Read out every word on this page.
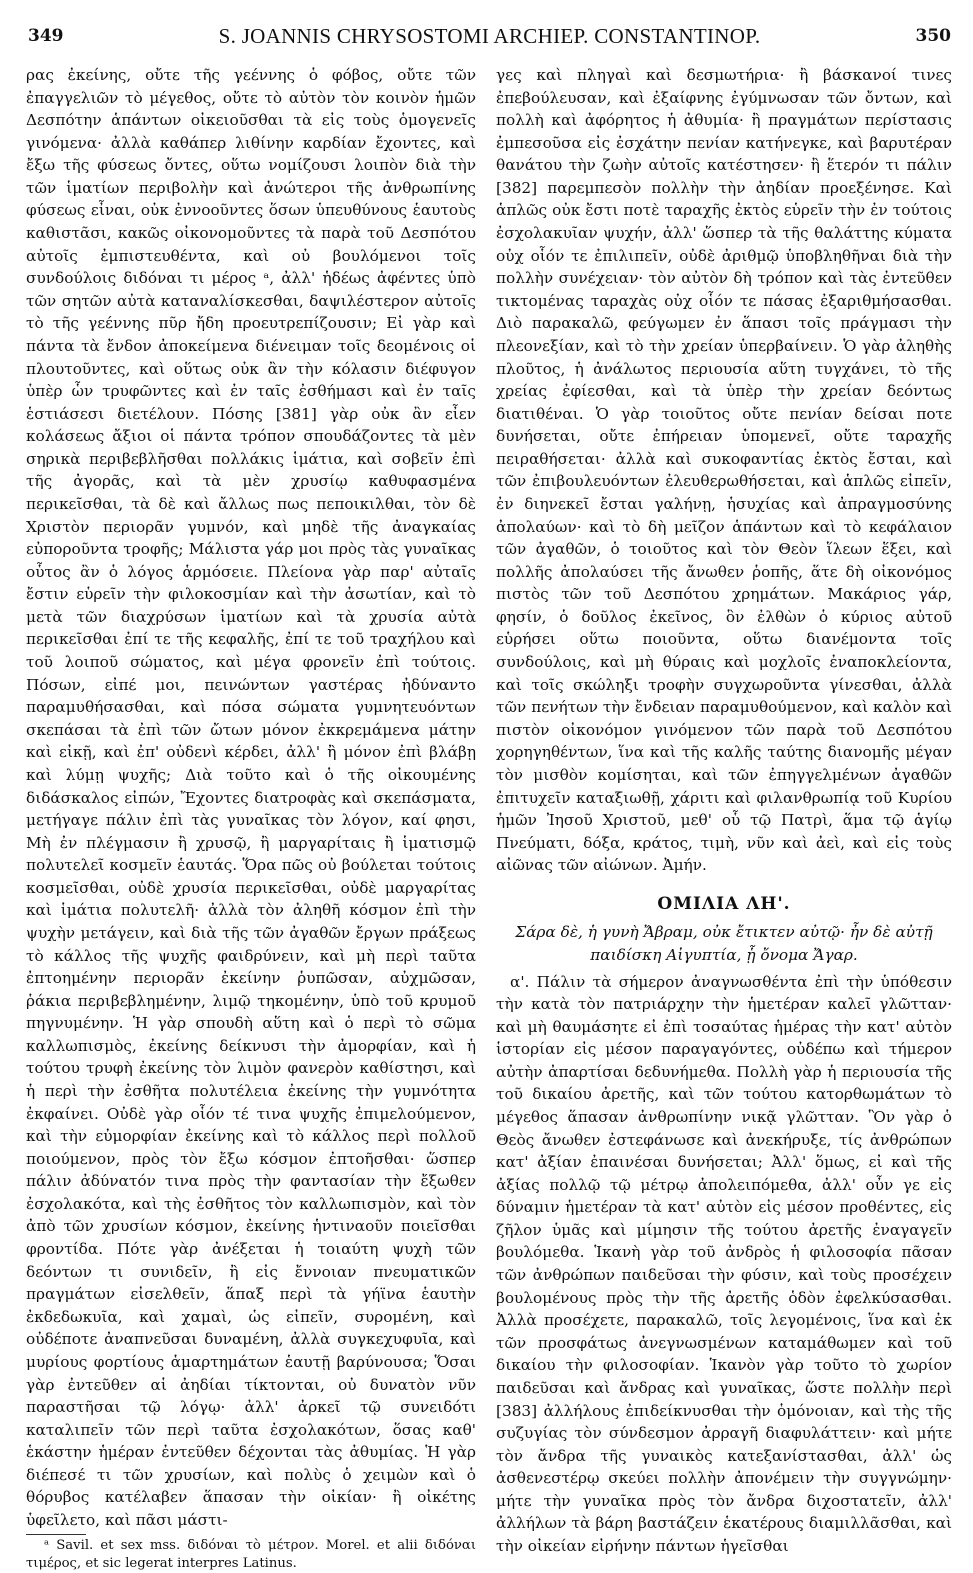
349	S. JOANNIS CHRYSOSTOMI ARCHIEP. CONSTANTINOP.	350

ρας ἐκείνης, οὔτε τῆς γεέννης ὁ φόβος, οὔτε τῶν ἐπαγγελιῶν τὸ μέγεθος, οὔτε τὸ αὐτὸν τὸν κοινὸν ἡμῶν Δεσπότην ἁπάντων οἰκειοῦσθαι τὰ εἰς τοὺς ὁμογενεῖς γινόμενα· ἀλλὰ καθάπερ λιθίνην καρδίαν ἔχοντες, καὶ ἔξω τῆς φύσεως ὄντες, οὕτω νομίζουσι λοιπὸν διὰ τὴν τῶν ἱματίων περιβολὴν καὶ ἀνώτεροι τῆς ἀνθρωπίνης φύσεως εἶναι, οὐκ ἐννοοῦντες ὅσων ὑπευθύνους ἑαυτοὺς καθιστᾶσι, κακῶς οἰκονομοῦντες τὰ παρὰ τοῦ Δεσπότου αὐτοῖς ἐμπιστευθέντα, καὶ οὐ βουλόμενοι τοῖς συνδούλοις διδόναι τι μέρος ᵃ, ἀλλ' ἡδέως ἀφέντες ὑπὸ τῶν σητῶν αὐτὰ καταναλίσκεσθαι, δαψιλέστερον αὐτοῖς τὸ τῆς γεέννης πῦρ ἤδη προευτρεπίζουσιν; Εἰ γὰρ καὶ πάντα τὰ ἔνδον ἀποκείμενα διένειμαν τοῖς δεομένοις οἱ πλουτοῦντες, καὶ οὕτως οὐκ ἂν τὴν κόλασιν διέφυγον ὑπὲρ ὧν τρυφῶντες καὶ ἐν ταῖς ἐσθήμασι καὶ ἐν ταῖς ἑστιάσεσι διετέλουν. Πόσης [381] γὰρ οὐκ ἂν εἶεν κολάσεως ἄξιοι οἱ πάντα τρόπον σπουδάζοντες τὰ μὲν σηρικὰ περιβεβλῆσθαι πολλάκις ἱμάτια, καὶ σοβεῖν ἐπὶ τῆς ἀγορᾶς, καὶ τὰ μὲν χρυσίῳ καθυφασμένα περικεῖσθαι, τὰ δὲ καὶ ἄλλως πως πεποικιλθαι, τὸν δὲ Χριστὸν περιορᾶν γυμνόν, καὶ μηδὲ τῆς ἀναγκαίας εὐποροῦντα τροφῆς; Μάλιστα γάρ μοι πρὸς τὰς γυναῖκας οὗτος ἂν ὁ λόγος ἁρμόσειε. Πλείονα γὰρ παρ' αὐταῖς ἔστιν εὑρεῖν τὴν φιλοκοσμίαν καὶ τὴν ἀσωτίαν, καὶ τὸ μετὰ τῶν διαχρύσων ἱματίων καὶ τὰ χρυσία αὐτὰ περικεῖσθαι ἐπί τε τῆς κεφαλῆς, ἐπί τε τοῦ τραχήλου καὶ τοῦ λοιποῦ σώματος, καὶ μέγα φρονεῖν ἐπὶ τούτοις. Πόσων, εἰπέ μοι, πεινώντων γαστέρας ἠδύναντο παραμυθήσασθαι, καὶ πόσα σώματα γυμνητευόντων σκεπάσαι τὰ ἐπὶ τῶν ὤτων μόνον ἐκκρεμάμενα μάτην καὶ εἰκῇ, καὶ ἐπ' οὐδενὶ κέρδει, ἀλλ' ἢ μόνον ἐπὶ βλάβῃ καὶ λύμῃ ψυχῆς; Διὰ τοῦτο καὶ ὁ τῆς οἰκουμένης διδάσκαλος εἰπών, Ἔχοντες διατροφὰς καὶ σκεπάσματα, μετήγαγε πάλιν ἐπὶ τὰς γυναῖκας τὸν λόγον, καί φησι, Μὴ ἐν πλέγμασιν ἢ χρυσῷ, ἢ μαργαρίταις ἢ ἱματισμῷ πολυτελεῖ κοσμεῖν ἑαυτάς. Ὅρα πῶς οὐ βούλεται τούτοις κοσμεῖσθαι, οὐδὲ χρυσία περικεῖσθαι, οὐδὲ μαργαρίτας καὶ ἱμάτια πολυτελῆ· ἀλλὰ τὸν ἀληθῆ κόσμον ἐπὶ τὴν ψυχὴν μετάγειν, καὶ διὰ τῆς τῶν ἀγαθῶν ἔργων πράξεως τὸ κάλλος τῆς ψυχῆς φαιδρύνειν, καὶ μὴ περὶ ταῦτα ἐπτοημένην περιορᾶν ἐκείνην ῥυπῶσαν, αὐχμῶσαν, ῥάκια περιβεβλημένην, λιμῷ τηκομένην, ὑπὸ τοῦ κρυμοῦ πηγνυμένην. Ἡ γὰρ σπουδὴ αὕτη καὶ ὁ περὶ τὸ σῶμα καλλωπισμὸς, ἐκείνης δείκνυσι τὴν ἀμορφίαν, καὶ ἡ τούτου τρυφὴ ἐκείνης τὸν λιμὸν φανερὸν καθίστησι, καὶ ἡ περὶ τὴν ἐσθῆτα πολυτέλεια ἐκείνης τὴν γυμνότητα ἐκφαίνει. Οὐδὲ γὰρ οἷόν τέ τινα ψυχῆς ἐπιμελούμενον, καὶ τὴν εὐμορφίαν ἐκείνης καὶ τὸ κάλλος περὶ πολλοῦ ποιούμενον, πρὸς τὸν ἔξω κόσμον ἐπτοῆσθαι· ὥσπερ πάλιν ἀδύνατόν τινα πρὸς τὴν φαντασίαν τὴν ἔξωθεν ἐσχολακότα, καὶ τὴς ἐσθῆτος τὸν καλλωπισμὸν, καὶ τὸν ἀπὸ τῶν χρυσίων κόσμον, ἐκείνης ἡντιναοῦν ποιεῖσθαι φροντίδα. Πότε γὰρ ἀνέξεται ἡ τοιαύτη ψυχὴ τῶν δεόντων τι συνιδεῖν, ἢ εἰς ἔννοιαν πνευματικῶν πραγμάτων εἰσελθεῖν, ἅπαξ περὶ τὰ γήϊνα ἑαυτὴν ἐκδεδωκυῖα, καὶ χαμαὶ, ὡς εἰπεῖν, συρομένη, καὶ οὐδέποτε ἀναπνεῦσαι δυναμένη, ἀλλὰ συγκεχυφυῖα, καὶ μυρίους φορτίους ἁμαρτημάτων ἑαυτῇ βαρύνουσα; Ὅσαι γὰρ ἐντεῦθεν αἱ ἀηδίαι τίκτονται, οὐ δυνατὸν νῦν παραστῆσαι τῷ λόγῳ· ἀλλ' ἀρκεῖ τῷ συνειδότι καταλιπεῖν τῶν περὶ ταῦτα ἐσχολακότων, ὅσας καθ' ἑκάστην ἡμέραν ἐντεῦθεν δέχονται τὰς ἀθυμίας. Ἡ γὰρ διέπεσέ τι τῶν χρυσίων, καὶ πολὺς ὁ χειμὼν καὶ ὁ θόρυβος κατέλαβεν ἅπασαν τὴν οἰκίαν· ἢ οἰκέτης ὑφεῖλετο, καὶ πᾶσι μάστι-

ᵃ Savil. et sex mss. διδόναι τὸ μέτρον. Morel. et alii διδόναι τιμέρος, et sic legerat interpres Latinus.

γες καὶ πληγαὶ καὶ δεσμωτήρια· ἢ βάσκανοί τινες ἐπεβούλευσαν, καὶ ἐξαίφνης ἐγύμνωσαν τῶν ὄντων, καὶ πολλὴ καὶ ἀφόρητος ἡ ἀθυμία· ἢ πραγμάτων περίστασις ἐμπεσοῦσα εἰς ἐσχάτην πενίαν κατήνεγκε, καὶ βαρυτέραν θανάτου τὴν ζωὴν αὐτοῖς κατέστησεν· ἢ ἕτερόν τι πάλιν [382] παρεμπεσὸν πολλὴν τὴν ἀηδίαν προεξένησε. Καὶ ἁπλῶς οὐκ ἔστι ποτὲ ταραχῆς ἐκτὸς εὑρεῖν τὴν ἐν τούτοις ἐσχολακυῖαν ψυχήν, ἀλλ' ὥσπερ τὰ τῆς θαλάττης κύματα οὐχ οἷόν τε ἐπιλιπεῖν, οὐδὲ ἀριθμῷ ὑποβληθῆναι διὰ τὴν πολλὴν συνέχειαν· τὸν αὐτὸν δὴ τρόπον καὶ τὰς ἐντεῦθεν τικτομένας ταραχὰς οὐχ οἷόν τε πάσας ἐξαριθμήσασθαι. Διὸ παρακαλῶ, φεύγωμεν ἐν ἅπασι τοῖς πράγμασι τὴν πλεονεξίαν, καὶ τὸ τὴν χρείαν ὑπερβαίνειν. Ὁ γὰρ ἀληθὴς πλοῦτος, ἡ ἀνάλωτος περιουσία αὕτη τυγχάνει, τὸ τῆς χρείας ἐφίεσθαι, καὶ τὰ ὑπὲρ τὴν χρείαν δεόντως διατιθέναι. Ὁ γὰρ τοιοῦτος οὔτε πενίαν δείσαι ποτε δυνήσεται, οὔτε ἐπήρειαν ὑπομενεῖ, οὔτε ταραχῆς πειραθήσεται· ἀλλὰ καὶ συκοφαντίας ἐκτὸς ἔσται, καὶ τῶν ἐπιβουλευόντων ἐλευθερωθήσεται, καὶ ἁπλῶς εἰπεῖν, ἐν διηνεκεῖ ἔσται γαλήνῃ, ἡσυχίας καὶ ἀπραγμοσύνης ἀπολαύων· καὶ τὸ δὴ μεῖζον ἁπάντων καὶ τὸ κεφάλαιον τῶν ἀγαθῶν, ὁ τοιοῦτος καὶ τὸν Θεὸν ἵλεων ἕξει, καὶ πολλῆς ἀπολαύσει τῆς ἄνωθεν ῥοπῆς, ἅτε δὴ οἰκονόμος πιστὸς τῶν τοῦ Δεσπότου χρημάτων. Μακάριος γάρ, φησίν, ὁ δοῦλος ἐκεῖνος, ὃν ἐλθὼν ὁ κύριος αὐτοῦ εὑρήσει οὕτω ποιοῦντα, οὕτω διανέμοντα τοῖς συνδούλοις, καὶ μὴ θύραις καὶ μοχλοῖς ἐναποκλείοντα, καὶ τοῖς σκώληξι τροφὴν συγχωροῦντα γίνεσθαι, ἀλλὰ τῶν πενήτων τὴν ἔνδειαν παραμυθούμενον, καὶ καλὸν καὶ πιστὸν οἰκονόμον γινόμενον τῶν παρὰ τοῦ Δεσπότου χορηγηθέντων, ἵνα καὶ τῆς καλῆς ταύτης διανομῆς μέγαν τὸν μισθὸν κομίσηται, καὶ τῶν ἐπηγγελμένων ἀγαθῶν ἐπιτυχεῖν καταξιωθῇ, χάριτι καὶ φιλανθρωπίᾳ τοῦ Κυρίου ἡμῶν Ἰησοῦ Χριστοῦ, μεθ' οὗ τῷ Πατρὶ, ἅμα τῷ ἁγίῳ Πνεύματι, δόξα, κράτος, τιμὴ, νῦν καὶ ἀεὶ, καὶ εἰς τοὺς αἰῶνας τῶν αἰώνων. Ἀμήν.

ΟΜΙΛΙΑ ΛΗ'.

Σάρα δὲ, ἡ γυνὴ Ἄβραμ, οὐκ ἔτικτεν αὐτῷ· ἦν δὲ αὐτῇ παιδίσκη Αἰγυπτία, ᾗ ὄνομα Ἄγαρ.

α'. Πάλιν τὰ σήμερον ἀναγνωσθέντα ἐπὶ τὴν ὑπόθεσιν τὴν κατὰ τὸν πατριάρχην τὴν ἡμετέραν καλεῖ γλῶτταν· καὶ μὴ θαυμάσητε εἰ ἐπὶ τοσαύτας ἡμέρας τὴν κατ' αὐτὸν ἱστορίαν εἰς μέσον παραγαγόντες, οὐδέπω καὶ τήμερον αὐτὴν ἀπαρτίσαι δεδυνήμεθα. Πολλὴ γὰρ ἡ περιουσία τῆς τοῦ δικαίου ἀρετῆς, καὶ τῶν τούτου κατορθωμάτων τὸ μέγεθος ἅπασαν ἀνθρωπίνην νικᾷ γλῶτταν. Ὃν γὰρ ὁ Θεὸς ἄνωθεν ἐστεφάνωσε καὶ ἀνεκήρυξε, τίς ἀνθρώπων κατ' ἀξίαν ἐπαινέσαι δυνήσεται; Ἀλλ' ὅμως, εἰ καὶ τῆς ἀξίας πολλῷ τῷ μέτρῳ ἀπολειπόμεθα, ἀλλ' οὖν γε εἰς δύναμιν ἡμετέραν τὰ κατ' αὐτὸν εἰς μέσον προθέντες, εἰς ζῆλον ὑμᾶς καὶ μίμησιν τῆς τούτου ἀρετῆς ἐναγαγεῖν βουλόμεθα. Ἱκανὴ γὰρ τοῦ ἀνδρὸς ἡ φιλοσοφία πᾶσαν τῶν ἀνθρώπων παιδεῦσαι τὴν φύσιν, καὶ τοὺς προσέχειν βουλομένους πρὸς τὴν τῆς ἀρετῆς ὁδὸν ἐφελκύσασθαι. Ἀλλὰ προσέχετε, παρακαλῶ, τοῖς λεγομένοις, ἵνα καὶ ἐκ τῶν προσφάτως ἀνεγνωσμένων καταμάθωμεν καὶ τοῦ δικαίου τὴν φιλοσοφίαν. Ἱκανὸν γὰρ τοῦτο τὸ χωρίον παιδεῦσαι καὶ ἄνδρας καὶ γυναῖκας, ὥστε πολλὴν περὶ [383] ἀλλήλους ἐπιδείκνυσθαι τὴν ὁμόνοιαν, καὶ τὴς τῆς συζυγίας τὸν σύνδεσμον ἀρραγῆ διαφυλάττειν· καὶ μήτε τὸν ἄνδρα τῆς γυναικὸς κατεξανίστασθαι, ἀλλ' ὡς ἀσθενεστέρῳ σκεύει πολλὴν ἀπονέμειν τὴν συγγνώμην· μήτε τὴν γυναῖκα πρὸς τὸν ἄνδρα διχοστατεῖν, ἀλλ' ἀλλήλων τὰ βάρη βαστάζειν ἑκατέρους διαμιλλᾶσθαι, καὶ τὴν οἰκείαν εἰρήνην πάντων ἡγεῖσθαι
